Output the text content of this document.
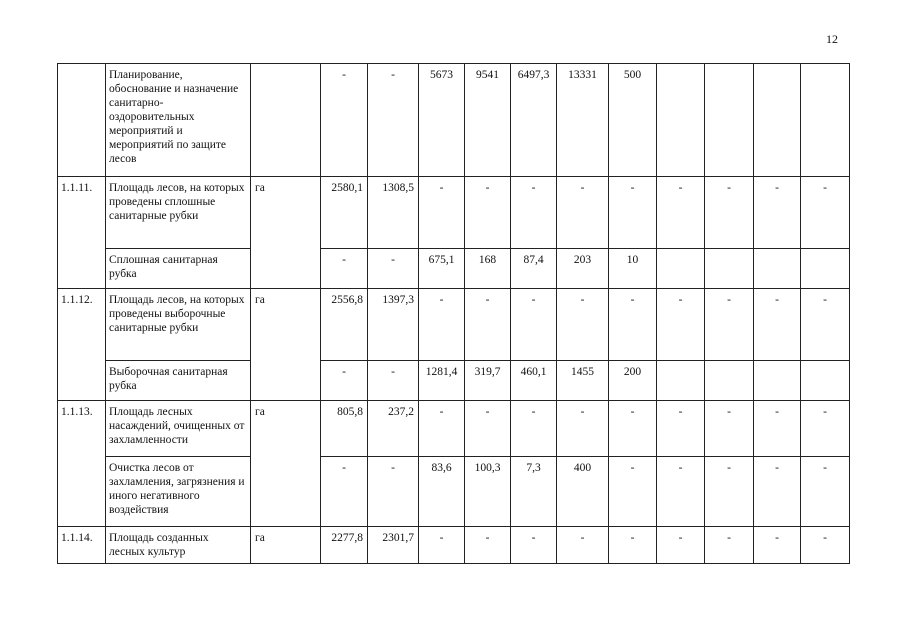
12
	Планирование, обоснование и назначение санитарно-оздоровительных мероприятий и мероприятий по защите лесов		-	-	5673	9541	6497,3	13331	500				
1.1.11.	Площадь лесов, на которых проведены сплошные санитарные рубки	га	2580,1	1308,5	-	-	-	-	-	-	-	-	-
	Сплошная санитарная рубка		-	-	675,1	168	87,4	203	10				
1.1.12.	Площадь лесов, на которых проведены выборочные санитарные рубки	га	2556,8	1397,3	-	-	-	-	-	-	-	-	-
	Выборочная санитарная рубка		-	-	1281,4	319,7	460,1	1455	200				
1.1.13.	Площадь лесных насаждений, очищенных от захламленности	га	805,8	237,2	-	-	-	-	-	-	-	-	-
	Очистка лесов от захламления, загрязнения и иного негативного воздействия		-	-	83,6	100,3	7,3	400	-	-	-	-	-
1.1.14.	Площадь созданных лесных культур	га	2277,8	2301,7	-	-	-	-	-	-	-	-	-
